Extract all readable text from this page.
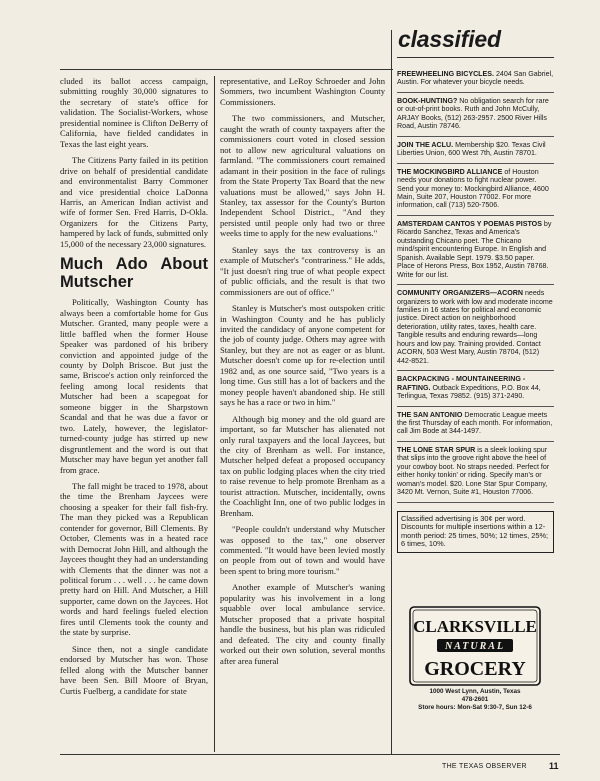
cluded its ballot access campaign, submitting roughly 30,000 signatures to the secretary of state's office for validation. The Socialist-Workers, whose presidential nominee is Clifton DeBerry of California, have fielded candidates in Texas the last eight years.

The Citizens Party failed in its petition drive on behalf of presidential candidate and environmentalist Barry Commoner and vice presidential choice LaDonna Harris, an American Indian activist and wife of former Sen. Fred Harris, D-Okla. Organizers for the Citizens Party, hampered by lack of funds, submitted only 15,000 of the necessary 23,000 signatures.

Much Ado About Mutscher

Politically, Washington County has always been a comfortable home for Gus Mutscher. Granted, many people were a little baffled when the former House Speaker was pardoned of his bribery conviction and appointed judge of the county by Dolph Briscoe. But just the same, Briscoe's action only reinforced the feeling among local residents that Mutscher had been a scapegoat for someone bigger in the Sharpstown Scandal and that he was due a favor or two. Lately, however, the legislator-turned-county judge has stirred up new disgruntlement and the word is out that Mutscher may have begun yet another fall from grace.

The fall might be traced to 1978, about the time the Brenham Jaycees were choosing a speaker for their fall fish-fry. The man they picked was a Republican contender for governor, Bill Clements. By October, Clements was in a heated race with Democrat John Hill, and although the Jaycees thought they had an understanding with Clements that the dinner was not a political forum . . . well . . . he came down pretty hard on Hill. And Mutscher, a Hill supporter, came down on the Jaycees. Hot words and hard feelings fueled election fires until Clements took the county and the state by surprise.

Since then, not a single candidate endorsed by Mutscher has won. Those felled along with the Mutscher banner have been Sen. Bill Moore of Bryan, Curtis Fuelberg, a candidate for state

representative, and LeRoy Schroeder and John Sommers, two incumbent Washington County Commissioners.

The two commissioners, and Mutscher, caught the wrath of county taxpayers after the commissioners court voted in closed session not to allow new agricultural valuations on farmland. "The commissioners court remained adamant in their position in the face of rulings from the State Property Tax Board that the new valuations must be allowed," says John H. Stanley, tax assessor for the County's Burton Independent School District., "And they persisted until people only had two or three weeks time to apply for the new evaluations."

Stanley says the tax controversy is an example of Mutscher's "contrariness." He adds, "It just doesn't ring true of what people expect of public officials, and the result is that two commissioners are out of office."

Stanley is Mutscher's most outspoken critic in Washington County and he has publicly invited the candidacy of anyone competent for the job of county judge. Others may agree with Stanley, but they are not as eager or as blunt. Mutscher doesn't come up for re-election until 1982 and, as one source said, "Two years is a long time. Gus still has a lot of backers and the money people haven't abandoned ship. He still says he has a race or two in him."

Although big money and the old guard are important, so far Mutscher has alienated not only rural taxpayers and the local Jaycees, but the city of Brenham as well. For instance, Mutscher helped defeat a proposed occupancy tax on public lodging places when the city tried to raise revenue to help promote Brenham as a tourist attraction. Mutscher, incidentally, owns the Coachlight Inn, one of two public lodges in Brenham.

"People couldn't understand why Mutscher was opposed to the tax," one observer commented. "It would have been levied mostly on people from out of town and would have been spent to bring more tourism."

Another example of Mutscher's waning popularity was his involvement in a long squabble over local ambulance service. Mutscher proposed that a private hospital handle the business, but his plan was ridiculed and defeated. The city and county finally worked out their own solution, several months after area funeral

classified
FREEWHEELING BICYCLES. 2404 San Gabriel, Austin. For whatever your bicycle needs.
BOOK-HUNTING? No obligation search for rare or out-of-print books. Ruth and John McCully, ARJAY Books, (512) 263-2957. 2500 River Hills Road, Austin 78746.
JOIN THE ACLU. Membership $20. Texas Civil Liberties Union, 600 West 7th, Austin 78701.
THE MOCKINGBIRD ALLIANCE of Houston needs your donations to fight nuclear power. Send your money to: Mockingbird Alliance, 4600 Main, Suite 207, Houston 77002. For more information, call (713) 520-7506.
AMSTERDAM CANTOS Y POEMAS PISTOS by Ricardo Sanchez, Texas and America's outstanding Chicano poet. The Chicano mind/spirit encountering Europe. In English and Spanish. Available Sept. 1979. $3.50 paper. Place of Herons Press, Box 1952, Austin 78768. Write for our list.
COMMUNITY ORGANIZERS—ACORN needs organizers to work with low and moderate income families in 16 states for political and economic justice. Direct action on neighborhood deterioration, utility rates, taxes, health care. Tangible results and enduring rewards—long hours and low pay. Training provided. Contact ACORN, 503 West Mary, Austin 78704, (512) 442-8521.
BACKPACKING - MOUNTAINEERING - RAFTING. Outback Expeditions, P.O. Box 44, Terlingua, Texas 79852. (915) 371-2490.
THE SAN ANTONIO Democratic League meets the first Thursday of each month. For information, call Jim Bode at 344-1497.
THE LONE STAR SPUR is a sleek looking spur that slips into the groove right above the heel of your cowboy boot. No straps needed. Perfect for either honky tonkin' or riding. Specify man's or woman's model. $20. Lone Star Spur Company, 3420 Mt. Vernon, Suite #1, Houston 77006.
Classified advertising is 30¢ per word. Discounts for multiple insertions within a 12-month period: 25 times, 50%; 12 times, 25%; 6 times, 10%.
CLARKSVILLE
NATURAL
GROCERY
1000 West Lynn, Austin, Texas
478-2601
Store hours: Mon-Sat 9:30-7, Sun 12-6
THE TEXAS OBSERVER	11
